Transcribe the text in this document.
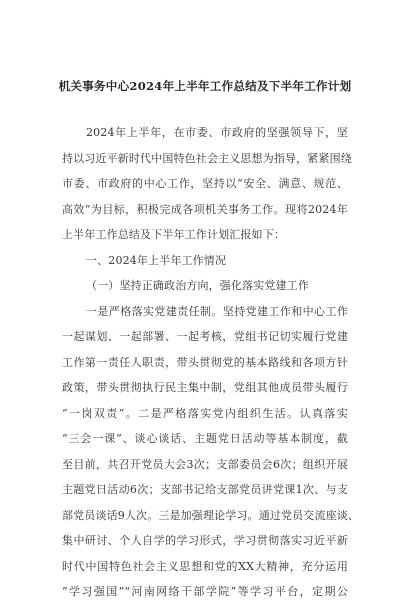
机关事务中心2024年上半年工作总结及下半年工作计划
2024年上半年，在市委、市政府的坚强领导下，坚
持以习近平新时代中国特色社会主义思想为指导，紧紧围绕
市委、市政府的中心工作，坚持以“安全、满意、规范、
高效”为目标，积极完成各项机关事务工作。现将2024年
上半年工作总结及下半年工作计划汇报如下：
一、2024年上半年工作情况
（一）坚持正确政治方向，强化落实党建工作
一是严格落实党建责任制。坚持党建工作和中心工作
一起谋划、一起部署、一起考核，党组书记切实履行党建
工作第一责任人职责，带头贯彻党的基本路线和各项方针
政策，带头贯彻执行民主集中制，党组其他成员带头履行
“一岗双责”。二是严格落实党内组织生活。认真落实
“三会一课”、谈心谈话、主题党日活动等基本制度，截
至目前，共召开党员大会3次；支部委员会6次；组织开展
主题党日活动6次；支部书记给支部党员讲党课1次、与支
部党员谈话9人次。三是加强理论学习。通过党员交流座谈、
集中研讨、个人自学的学习形式，学习贯彻落实习近平新
时代中国特色社会主义思想和党的XX大精神，充分运用
“学习强国”“河南网络干部学院”等学习平台，定期公
